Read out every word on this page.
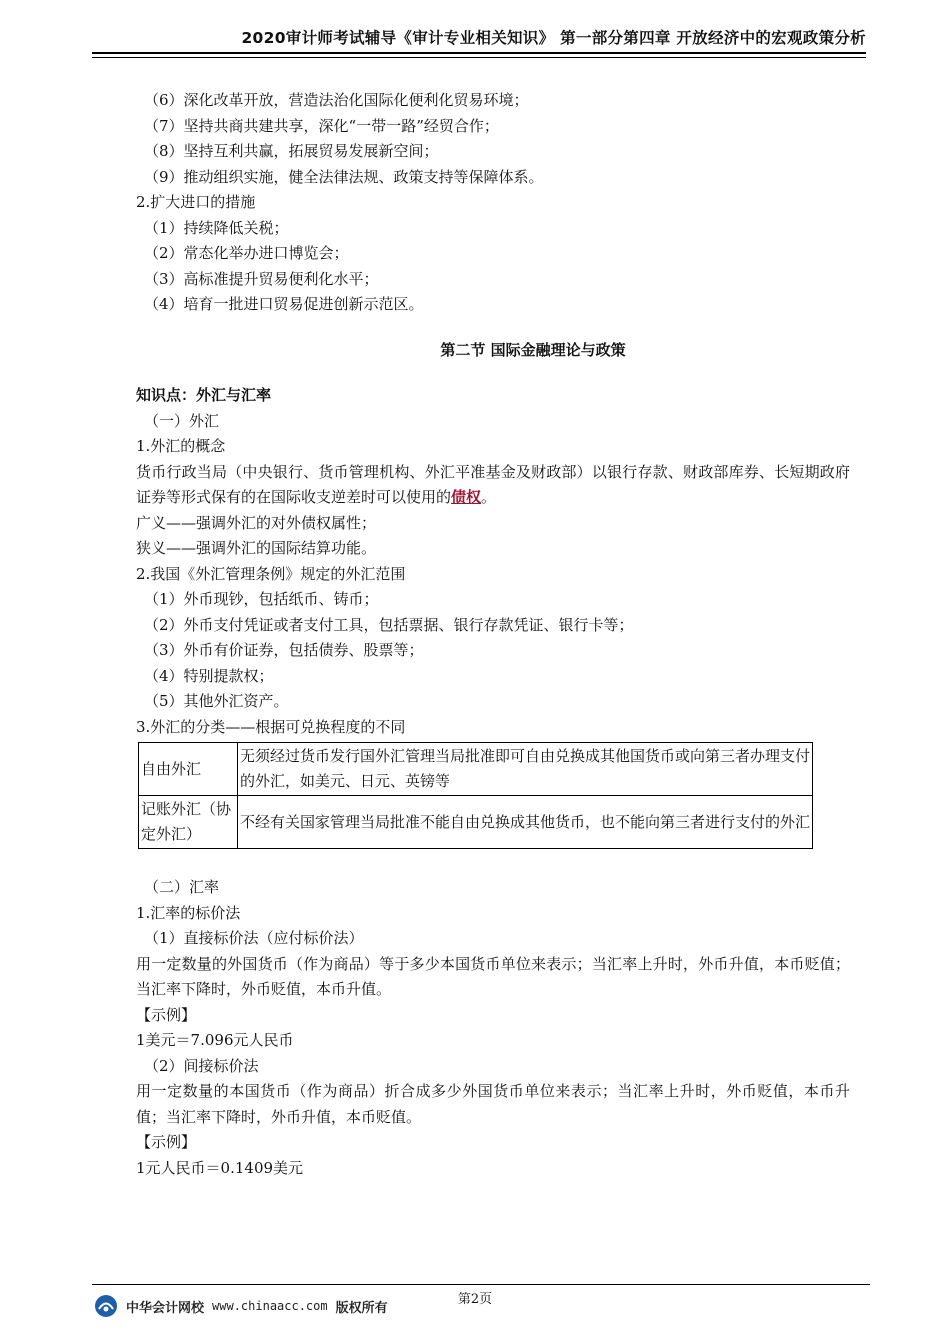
2020审计师考试辅导《审计专业相关知识》 第一部分第四章 开放经济中的宏观政策分析
（6）深化改革开放，营造法治化国际化便利化贸易环境；
（7）坚持共商共建共享，深化“一带一路”经贸合作；
（8）坚持互利共赢，拓展贸易发展新空间；
（9）推动组织实施，健全法律法规、政策支持等保障体系。
2.扩大进口的措施
（1）持续降低关税；
（2）常态化举办进口博览会；
（3）高标准提升贸易便利化水平；
（4）培育一批进口贸易促进创新示范区。
第二节 国际金融理论与政策
知识点：外汇与汇率
（一）外汇
1.外汇的概念
货币行政当局（中央银行、货币管理机构、外汇平准基金及财政部）以银行存款、财政部库券、长短期政府证券等形式保有的在国际收支逆差时可以使用的债权。
广义——强调外汇的对外债权属性；
狭义——强调外汇的国际结算功能。
2.我国《外汇管理条例》规定的外汇范围
（1）外币现钞，包括纸币、铸币；
（2）外币支付凭证或者支付工具，包括票据、银行存款凭证、银行卡等；
（3）外币有价证券，包括债券、股票等；
（4）特别提款权；
（5）其他外汇资产。
3.外汇的分类——根据可兑换程度的不同
自由外汇	无须经过货币发行国外汇管理当局批准即可自由兑换成其他国货币或向第三者办理支付的外汇，如美元、日元、英镑等
记账外汇（协定外汇）	不经有关国家管理当局批准不能自由兑换成其他货币，也不能向第三者进行支付的外汇
（二）汇率
1.汇率的标价法
（1）直接标价法（应付标价法）
用一定数量的外国货币（作为商品）等于多少本国货币单位来表示；当汇率上升时，外币升值，本币贬值；当汇率下降时，外币贬值，本币升值。
【示例】
1美元＝7.096元人民币
（2）间接标价法
用一定数量的本国货币（作为商品）折合成多少外国货币单位来表示；当汇率上升时，外币贬值，本币升值；当汇率下降时，外币升值，本币贬值。
【示例】
1元人民币＝0.1409美元
第2页
中华会计网校 www.chinaacc.com 版权所有
